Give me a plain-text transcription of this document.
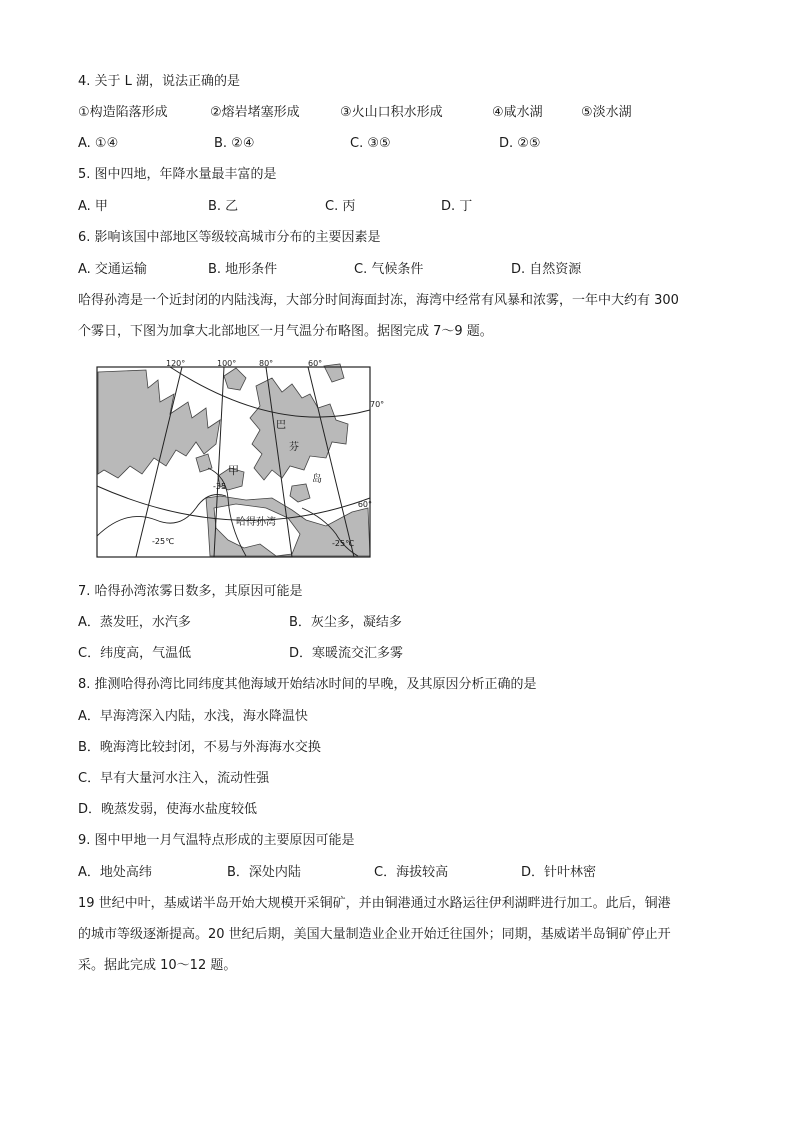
4. 关于 L 湖，说法正确的是
①构造陷落形成	②熔岩堵塞形成	③火山口积水形成	④咸水湖	⑤淡水湖
A. ①④	B. ②④	C. ③⑤	D. ②⑤
5. 图中四地，年降水量最丰富的是
A. 甲	B. 乙	C. 丙	D. 丁
6. 影响该国中部地区等级较高城市分布的主要因素是
A. 交通运输	B. 地形条件	C. 气候条件	D. 自然资源
哈得孙湾是一个近封闭的内陆浅海，大部分时间海面封冻，海湾中经常有风暴和浓雾，一年中大约有 300
个雾日，下图为加拿大北部地区一月气温分布略图。据图完成 7～9 题。
120°	100°	80°	60°
70°
60°
甲
巴
芬
岛
哈得孙湾
-35
-25℃	-25℃
7. 哈得孙湾浓雾日数多，其原因可能是
A．蒸发旺，水汽多	B．灰尘多，凝结多
C．纬度高，气温低	D．寒暖流交汇多雾
8. 推测哈得孙湾比同纬度其他海域开始结冰时间的早晚，及其原因分析正确的是
A．早海湾深入内陆，水浅，海水降温快
B．晚海湾比较封闭，不易与外海海水交换
C．早有大量河水注入，流动性强
D．晚蒸发弱，使海水盐度较低
9. 图中甲地一月气温特点形成的主要原因可能是
A．地处高纬	B．深处内陆	C．海拔较高	D．针叶林密
19 世纪中叶，基威诺半岛开始大规模开采铜矿，并由铜港通过水路运往伊利湖畔进行加工。此后，铜港
的城市等级逐渐提高。20 世纪后期，美国大量制造业企业开始迁往国外；同期，基威诺半岛铜矿停止开
采。据此完成 10～12 题。
